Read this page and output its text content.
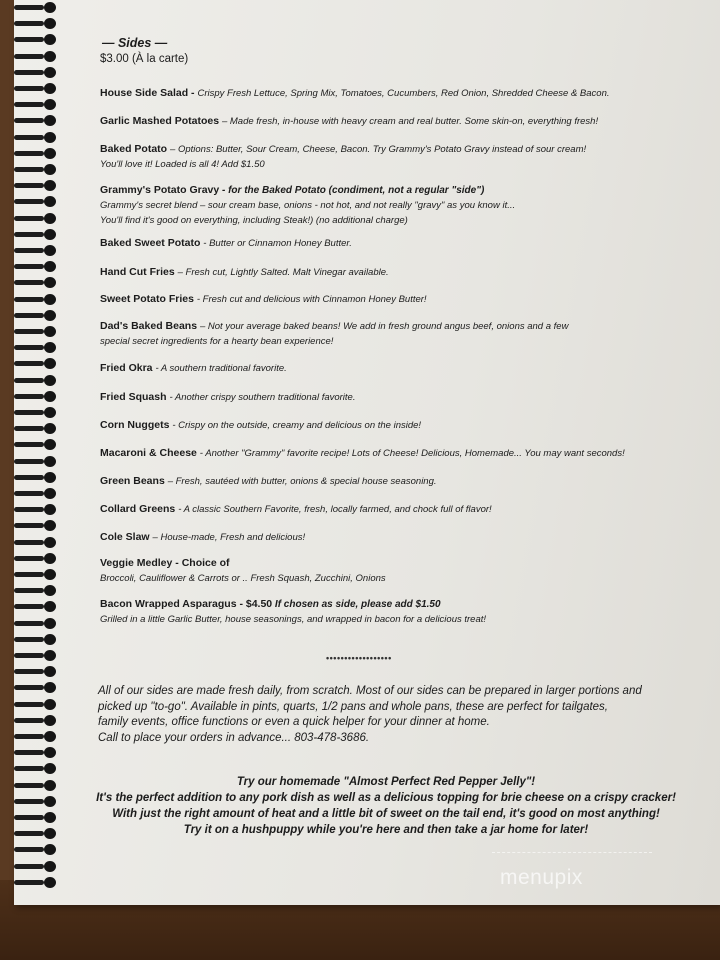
— Sides —
$3.00 (À la carte)
House Side Salad - Crispy Fresh Lettuce, Spring Mix, Tomatoes, Cucumbers, Red Onion, Shredded Cheese & Bacon.
Garlic Mashed Potatoes – Made fresh, in-house with heavy cream and real butter. Some skin-on, everything fresh!
Baked Potato – Options: Butter, Sour Cream, Cheese, Bacon. Try Grammy's Potato Gravy instead of sour cream!
You'll love it! Loaded is all 4! Add $1.50
Grammy's Potato Gravy - for the Baked Potato (condiment, not a regular "side")
Grammy's secret blend – sour cream base, onions - not hot, and not really "gravy" as you know it...
You'll find it's good on everything, including Steak!) (no additional charge)
Baked Sweet Potato - Butter or Cinnamon Honey Butter.
Hand Cut Fries – Fresh cut, Lightly Salted. Malt Vinegar available.
Sweet Potato Fries - Fresh cut and delicious with Cinnamon Honey Butter!
Dad's Baked Beans – Not your average baked beans! We add in fresh ground angus beef, onions and a few
special secret ingredients for a hearty bean experience!
Fried Okra - A southern traditional favorite.
Fried Squash - Another crispy southern traditional favorite.
Corn Nuggets - Crispy on the outside, creamy and delicious on the inside!
Macaroni & Cheese - Another "Grammy" favorite recipe! Lots of Cheese! Delicious, Homemade... You may want seconds!
Green Beans – Fresh, sautéed with butter, onions & special house seasoning.
Collard Greens - A classic Southern Favorite, fresh, locally farmed, and chock full of flavor!
Cole Slaw – House-made, Fresh and delicious!
Veggie Medley - Choice of
Broccoli, Cauliflower & Carrots or .. Fresh Squash, Zucchini, Onions
Bacon Wrapped Asparagus - $4.50 If chosen as side, please add $1.50
Grilled in a little Garlic Butter, house seasonings, and wrapped in bacon for a delicious treat!
••••••••••••••••••
All of our sides are made fresh daily, from scratch. Most of our sides can be prepared in larger portions and
picked up "to-go". Available in pints, quarts, 1/2 pans and whole pans, these are perfect for tailgates,
family events, office functions or even a quick helper for your dinner at home.
Call to place your orders in advance... 803-478-3686.
Try our homemade "Almost Perfect Red Pepper Jelly"!
It's the perfect addition to any pork dish as well as a delicious topping for brie cheese on a crispy cracker!
With just the right amount of heat and a little bit of sweet on the tail end, it's good on most anything!
Try it on a hushpuppy while you're here and then take a jar home for later!
menupix
